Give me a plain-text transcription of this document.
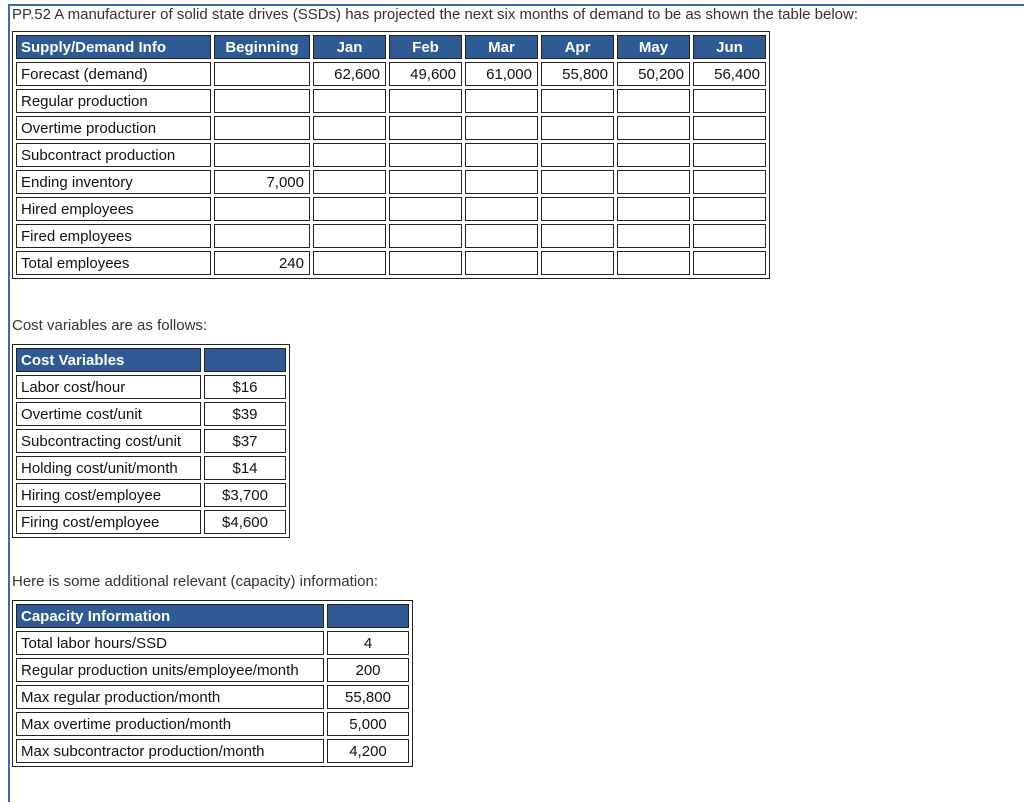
PP.52 A manufacturer of solid state drives (SSDs) has projected the next six months of demand to be as shown the table below:
Supply/Demand Info	Beginning	Jan	Feb	Mar	Apr	May	Jun
Forecast (demand)		62,600	49,600	61,000	55,800	50,200	56,400
Regular production							
Overtime production							
Subcontract production							
Ending inventory	7,000						
Hired employees							
Fired employees							
Total employees	240						
Cost variables are as follows:
Cost Variables	
Labor cost/hour	$16
Overtime cost/unit	$39
Subcontracting cost/unit	$37
Holding cost/unit/month	$14
Hiring cost/employee	$3,700
Firing cost/employee	$4,600
Here is some additional relevant (capacity) information:
Capacity Information	
Total labor hours/SSD	4
Regular production units/employee/month	200
Max regular production/month	55,800
Max overtime production/month	5,000
Max subcontractor production/month	4,200
